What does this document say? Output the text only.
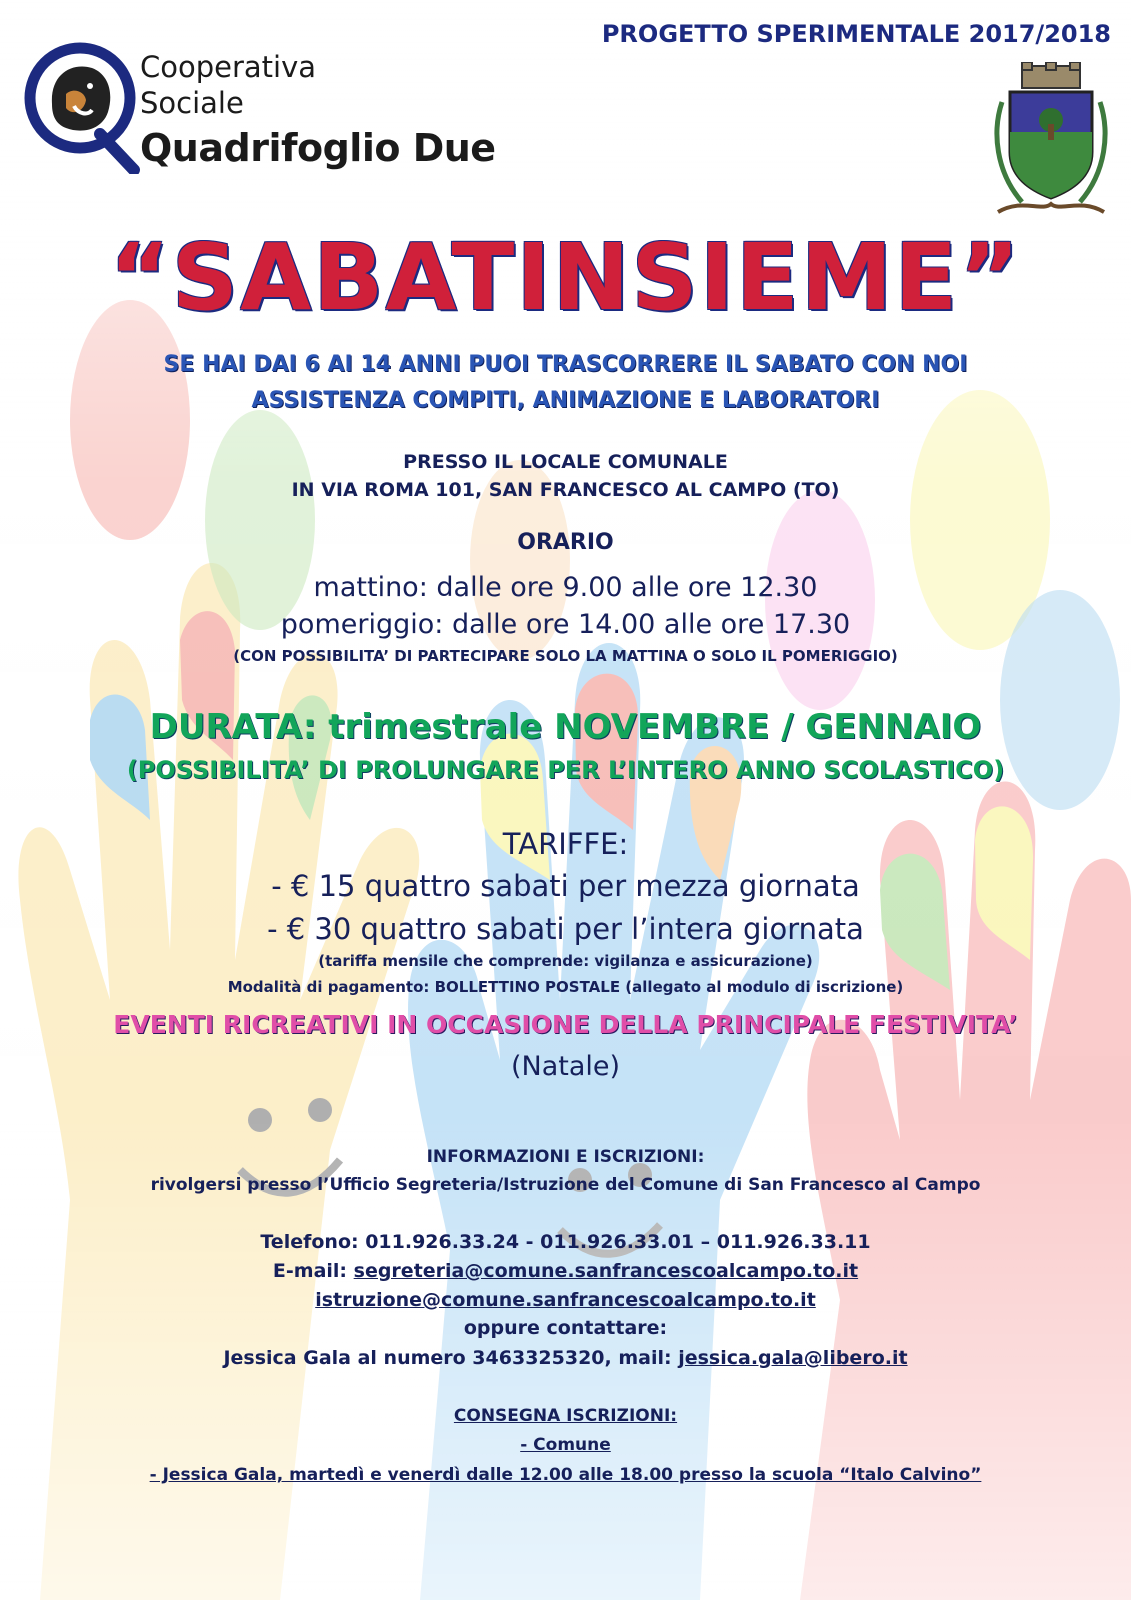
Cooperativa
Sociale
Quadrifoglio Due
PROGETTO SPERIMENTALE 2017/2018
“SABATINSIEME”
SE HAI DAI 6 AI 14 ANNI PUOI TRASCORRERE IL SABATO CON NOI
ASSISTENZA COMPITI, ANIMAZIONE E LABORATORI
PRESSO IL LOCALE COMUNALE
IN VIA ROMA 101, SAN FRANCESCO AL CAMPO (TO)
ORARIO
mattino: dalle ore 9.00 alle ore 12.30
pomeriggio: dalle ore 14.00 alle ore 17.30
(CON POSSIBILITA’ DI PARTECIPARE SOLO LA MATTINA O SOLO IL POMERIGGIO)
DURATA: trimestrale NOVEMBRE / GENNAIO
(POSSIBILITA’ DI PROLUNGARE PER L’INTERO ANNO SCOLASTICO)
TARIFFE:
- € 15 quattro sabati per mezza giornata
- € 30 quattro sabati per l’intera giornata
(tariffa mensile che comprende: vigilanza e assicurazione)
Modalità di pagamento: BOLLETTINO POSTALE (allegato al modulo di iscrizione)
EVENTI RICREATIVI IN OCCASIONE DELLA PRINCIPALE FESTIVITA’
(Natale)
INFORMAZIONI E ISCRIZIONI:
rivolgersi presso l’Ufficio Segreteria/Istruzione del Comune di San Francesco al Campo
Telefono: 011.926.33.24 - 011.926.33.01 – 011.926.33.11
E-mail: segreteria@comune.sanfrancescoalcampo.to.it
istruzione@comune.sanfrancescoalcampo.to.it
oppure contattare:
Jessica Gala al numero 3463325320, mail: jessica.gala@libero.it
CONSEGNA ISCRIZIONI:
- Comune
- Jessica Gala, martedì e venerdì dalle 12.00 alle 18.00 presso la scuola “Italo Calvino”
